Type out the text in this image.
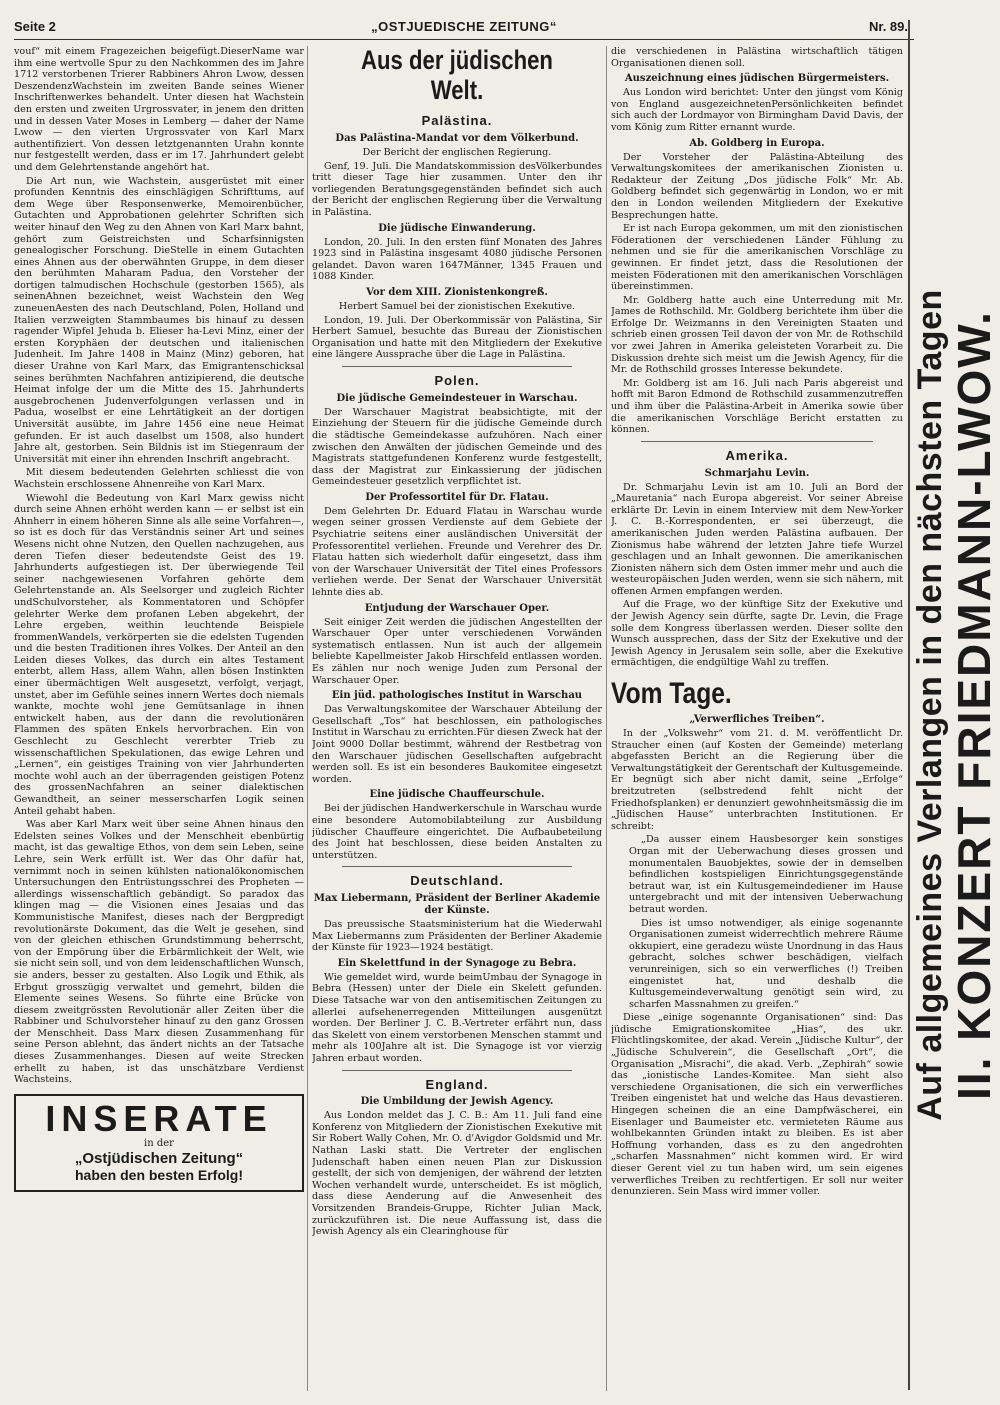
Seite 2	„OSTJUEDISCHE ZEITUNG“	Nr. 89.

vouf“ mit einem Fragezeichen beigefügt.DieserName war ihm eine wertvolle Spur zu den Nachkommen des im Jahre 1712 verstorbenen Trierer Rabbiners Ahron Lwow, dessen DeszendenzWachstein im zweiten Bande seines Wiener Inschriftenwerkes behandelt. Unter diesen hat Wachstein den ersten und zweiten Urgrossvater, in jenem den dritten und in dessen Vater Moses in Lemberg — daher der Name Lwow — den vierten Urgrossvater von Karl Marx authentifiziert. Von dessen letztgenannten Urahn konnte nur festgestellt werden, dass er im 17. Jahrhundert gelebt und dem Gelehrtenstande angehört hat.

Die Art nun, wie Wachstein, ausgerüstet mit einer profunden Kenntnis des einschlägigen Schrifttums, auf dem Wege über Responsenwerke, Memoirenbücher, Gutachten und Approbationen gelehrter Schriften sich weiter hinauf den Weg zu den Ahnen von Karl Marx bahnt, gehört zum Geistreichsten und Scharfsinnigsten genealogischer Forschung. DieStelle in einem Gutachten eines Ahnen aus der oberwähnten Gruppe, in dem dieser den berühmten Maharam Padua, den Vorsteher der dortigen talmudischen Hochschule (gestorben 1565), als seinenAhnen bezeichnet, weist Wachstein den Weg zuneuenAesten des nach Deutschland, Polen, Holland und Italien verzweigten Stammbaumes bis hinauf zu dessen ragender Wipfel Jehuda b. Elieser ha-Levi Minz, einer der ersten Koryphäen der deutschen und italienischen Judenheit. Im Jahre 1408 in Mainz (Minz) geboren, hat dieser Urahne von Karl Marx, das Emigrantenschicksal seines berühmten Nachfahren antizipierend, die deutsche Heimat infolge der um die Mitte des 15. Jahrhunderts ausgebrochenen Judenverfolgungen verlassen und in Padua, woselbst er eine Lehrtätigkeit an der dortigen Universität ausübte, im Jahre 1456 eine neue Heimat gefunden. Er ist auch daselbst um 1508, also hundert Jahre alt, gestorben. Sein Bildnis ist im Stiegenraum der Universität mit einer ihn ehrenden Inschrift angebracht.

Mit diesem bedeutenden Gelehrten schliesst die von Wachstein erschlossene Ahnenreihe von Karl Marx.

Wiewohl die Bedeutung von Karl Marx gewiss nicht durch seine Ahnen erhöht werden kann — er selbst ist ein Ahnherr in einem höheren Sinne als alle seine Vorfahren—, so ist es doch für das Verständnis seiner Art und seines Wesens nicht ohne Nutzen, den Quellen nachzugehen, aus deren Tiefen dieser bedeutendste Geist des 19. Jahrhunderts aufgestiegen ist. Der überwiegende Teil seiner nachgewiesenen Vorfahren gehörte dem Gelehrtenstande an. Als Seelsorger und zugleich Richter undSchulvorsteher, als Kommentatoren und Schöpfer gelehrter Werke dem profanen Leben abgekehrt, der Lehre ergeben, weithin leuchtende Beispiele frommenWandels, verkörperten sie die edelsten Tugenden und die besten Traditionen ihres Volkes. Der Anteil an den Leiden dieses Volkes, das durch ein altes Testament enterbt, allem Hass, allem Wahn, allen bösen Instinkten einer übermächtigen Welt ausgesetzt, verfolgt, verjagt, unstet, aber im Gefühle seines innern Wertes doch niemals wankte, mochte wohl jene Gemütsanlage in ihnen entwickelt haben, aus der dann die revolutionären Flammen des späten Enkels hervorbrachen. Ein von Geschlecht zu Geschlecht vererbter Trieb zu wissenschaftlichen Spekulationen, das ewige Lehren und „Lernen“, ein geistiges Training von vier Jahrhunderten mochte wohl auch an der überragenden geistigen Potenz des grossenNachfahren an seiner dialektischen Gewandtheit, an seiner messerscharfen Logik seinen Anteil gehabt haben.

Was aber Karl Marx weit über seine Ahnen hinaus den Edelsten seines Volkes und der Menschheit ebenbürtig macht, ist das gewaltige Ethos, von dem sein Leben, seine Lehre, sein Werk erfüllt ist. Wer das Ohr dafür hat, vernimmt noch in seinen kühlsten nationalökonomischen Untersuchungen den Entrüstungsschrei des Propheten — allerdings wissenschaftlich gebändigt. So paradox das klingen mag — die Visionen eines Jesaias und das Kommunistische Manifest, dieses nach der Bergpredigt revolutionärste Dokument, das die Welt je gesehen, sind von der gleichen ethischen Grundstimmung beherrscht, von der Empörung über die Erbärmlichkeit der Welt, wie sie nicht sein soll, und von dem leidenschaftlichen Wunsch, sie anders, besser zu gestalten. Also Logik und Ethik, als Erbgut grosszügig verwaltet und gemehrt, bilden die Elemente seines Wesens. So führte eine Brücke von diesem zweitgrössten Revolutionär aller Zeiten über die Rabbiner und Schulvorsteher hinauf zu den ganz Grossen der Menschheit. Dass Marx diesen Zusammenhang für seine Person ablehnt, das ändert nichts an der Tatsache dieses Zusammenhanges. Diesen auf weite Strecken erhellt zu haben, ist das unschätzbare Verdienst Wachsteins.

INSERATE
in der
„Ostjüdischen Zeitung“
haben den besten Erfolg!
Aus der jüdischen Welt.
Palästina.
Das Palästina-Mandat vor dem Völkerbund.
Der Bericht der englischen Regierung.

Genf, 19. Juli. Die Mandatskommission desVölkerbundes tritt dieser Tage hier zusammen. Unter den ihr vorliegenden Beratungsgegenständen befindet sich auch der Bericht der englischen Regierung über die Verwaltung in Palästina.

Die jüdische Einwanderung.

London, 20. Juli. In den ersten fünf Monaten des Jahres 1923 sind in Palästina insgesamt 4080 jüdische Personen gelandet. Davon waren 1647Männer, 1345 Frauen und 1088 Kinder.

Vor dem XIII. Zionistenkongreß.
Herbert Samuel bei der zionistischen Exekutive.

London, 19. Juli. Der Oberkommissär von Palästina, Sir Herbert Samuel, besuchte das Bureau der Zionistischen Organisation und hatte mit den Mitgliedern der Exekutive eine längere Aussprache über die Lage in Palästina.

Polen.
Die jüdische Gemeindesteuer in Warschau.

Der Warschauer Magistrat beabsichtigte, mit der Einziehung der Steuern für die jüdische Gemeinde durch die städtische Gemeindekasse aufzuhören. Nach einer zwischen den Anwälten der jüdischen Gemeinde und des Magistrats stattgefundenen Konferenz wurde festgestellt, dass der Magistrat zur Einkassierung der jüdischen Gemeindesteuer gesetzlich verpflichtet ist.

Der Professortitel für Dr. Flatau.

Dem Gelehrten Dr. Eduard Flatau in Warschau wurde wegen seiner grossen Verdienste auf dem Gebiete der Psychiatrie seitens einer ausländischen Universität der Professorentitel verliehen. Freunde und Verehrer des Dr. Flatau hatten sich wiederholt dafür eingesetzt, dass ihm von der Warschauer Universität der Titel eines Professors verliehen werde. Der Senat der Warschauer Universität lehnte dies ab.

Entjudung der Warschauer Oper.

Seit einiger Zeit werden die jüdischen Angestellten der Warschauer Oper unter verschiedenen Vorwänden systematisch entlassen. Nun ist auch der allgemein beliebte Kapellmeister Jakob Hirschfeld entlassen worden. Es zählen nur noch wenige Juden zum Personal der Warschauer Oper.

Ein jüd. pathologisches Institut in Warschau

Das Verwaltungskomitee der Warschauer Abteilung der Gesellschaft „Tos“ hat beschlossen, ein pathologisches Institut in Warschau zu errichten.Für diesen Zweck hat der Joint 9000 Dollar bestimmt, während der Restbetrag von den Warschauer jüdischen Gesellschaften aufgebracht werden soll. Es ist ein besonderes Baukomitee eingesetzt worden.

Eine jüdische Chauffeurschule.

Bei der jüdischen Handwerkerschule in Warschau wurde eine besondere Automobilabteilung zur Ausbildung jüdischer Chauffeure eingerichtet. Die Aufbaubeteilung des Joint hat beschlossen, diese beiden Anstalten zu unterstützen.

Deutschland.
Max Liebermann, Präsident der Berliner Akademie der Künste.

Das preussische Staatsministerium hat die Wiederwahl Max Liebermanns zum Präsidenten der Berliner Akademie der Künste für 1923—1924 bestätigt.

Ein Skelettfund in der Synagoge zu Bebra.

Wie gemeldet wird, wurde beimUmbau der Synagoge in Bebra (Hessen) unter der Diele ein Skelett gefunden. Diese Tatsache war von den antisemitischen Zeitungen zu allerlei aufsehenerregenden Mitteilungen ausgenützt worden. Der Berliner J. C. B.-Vertreter erfährt nun, dass das Skelett von einem verstorbenen Menschen stammt und mehr als 100Jahre alt ist. Die Synagoge ist vor vierzig Jahren erbaut worden.

England.
Die Umbildung der Jewish Agency.

Aus London meldet das J. C. B.: Am 11. Juli fand eine Konferenz von Mitgliedern der Zionistischen Exekutive mit Sir Robert Wally Cohen, Mr. O. d'Avigdor Goldsmid und Mr. Nathan Laski statt. Die Vertreter der englischen Judenschaft haben einen neuen Plan zur Diskussion gestellt, der sich von demjenigen, der während der letzten Wochen verhandelt wurde, unterscheidet. Es ist möglich, dass diese Aenderung auf die Anwesenheit des Vorsitzenden Brandeis-Gruppe, Richter Julian Mack, zurückzuführen ist. Die neue Auffassung ist, dass die Jewish Agency als ein Clearinghouse für

die verschiedenen in Palästina wirtschaftlich tätigen Organisationen dienen soll.

Auszeichnung eines jüdischen Bürgermeisters.

Aus London wird berichtet: Unter den jüngst vom König von England ausgezeichnetenPersönlichkeiten befindet sich auch der Lordmayor von Birmingham David Davis, der vom König zum Ritter ernannt wurde.

Ab. Goldberg in Europa.

Der Vorsteher der Palästina-Abteilung des Verwaltungskomitees der amerikanischen Zionisten u. Redakteur der Zeitung „Dos jüdische Folk“ Mr. Ab. Goldberg befindet sich gegenwärtig in London, wo er mit den in London weilenden Mitgliedern der Exekutive Besprechungen hatte.

Er ist nach Europa gekommen, um mit den zionistischen Föderationen der verschiedenen Länder Fühlung zu nehmen und sie für die amerikanischen Vorschläge zu gewinnen. Er findet jetzt, dass die Resolutionen der meisten Föderationen mit den amerikanischen Vorschlägen übereinstimmen.

Mr. Goldberg hatte auch eine Unterredung mit Mr. James de Rothschild. Mr. Goldberg berichtete ihm über die Erfolge Dr. Weizmanns in den Vereinigten Staaten und schrieb einen grossen Teil davon der von Mr. de Rothschild vor zwei Jahren in Amerika geleisteten Vorarbeit zu. Die Diskussion drehte sich meist um die Jewish Agency, für die Mr. de Rothschild grosses Interesse bekundete.

Mr. Goldberg ist am 16. Juli nach Paris abgereist und hofft mit Baron Edmond de Rothschild zusammenzutreffen und ihm über die Palästina-Arbeit in Amerika sowie über die amerikanischen Vorschläge Bericht erstatten zu können.

Amerika.
Schmarjahu Levin.

Dr. Schmarjahu Levin ist am 10. Juli an Bord der „Mauretania“ nach Europa abgereist. Vor seiner Abreise erklärte Dr. Levin in einem Interview mit dem New-Yorker J. C. B.-Korrespondenten, er sei überzeugt, die amerikanischen Juden werden Palästina aufbauen. Der Zionismus habe während der letzten Jahre tiefe Wurzel geschlagen und an Inhalt gewonnen. Die amerikanischen Zionisten nähern sich dem Osten immer mehr und auch die westeuropäischen Juden werden, wenn sie sich nähern, mit offenen Armen empfangen werden.

Auf die Frage, wo der künftige Sitz der Exekutive und der Jewish Agency sein dürfte, sagte Dr. Levin, die Frage solle dem Kongress überlassen werden. Dieser sollte den Wunsch aussprechen, dass der Sitz der Exekutive und der Jewish Agency in Jerusalem sein solle, aber die Exekutive ermächtigen, die endgültige Wahl zu treffen.

Vom Tage.
„Verwerfliches Treiben“.

In der „Volkswehr“ vom 21. d. M. veröffentlicht Dr. Straucher einen (auf Kosten der Gemeinde) meterlang abgefassten Bericht an die Regierung über die Verwaltungstätigkeit der Gerentschaft der Kultusgemeinde. Er begnügt sich aber nicht damit, seine „Erfolge“ breitzutreten (selbstredend fehlt nicht der Friedhofsplanken) er denunziert gewohnheitsmässig die im „Jüdischen Hause“ unterbrachten Institutionen. Er schreibt:

„Da ausser einem Hausbesorger kein sonstiges Organ mit der Ueberwachung dieses grossen und monumentalen Bauobjektes, sowie der in demselben befindlichen kostspieligen Einrichtungsgegenstände betraut war, ist ein Kultusgemeindediener im Hause untergebracht und mit der intensiven Ueberwachung betraut worden.

Dies ist umso notwendiger, als einige sogenannte Organisationen zumeist widerrechtlich mehrere Räume okkupiert, eine geradezu wüste Unordnung in das Haus gebracht, solches schwer beschädigen, vielfach verunreinigen, sich so ein verwerfliches (!) Treiben eingenistet hat, und deshalb die Kultusgemeindeverwaltung genötigt sein wird, zu scharfen Massnahmen zu greifen.“

Diese „einige sogenannte Organisationen“ sind: Das jüdische Emigrationskomitee „Hias“, des ukr. Flüchtlingskomitee, der akad. Verein „Jüdische Kultur“, der „Jüdische Schulverein“, die Gesellschaft „Ort“, die Organisation „Misrachi“, die akad. Verb. „Zephirah“ sowie das „ionistische Landes-Komitee. Man sieht also verschiedene Organisationen, die sich ein verwerfliches Treiben eingenistet hat und welche das Haus devastieren. Hingegen scheinen die an eine Dampfwäscherei, ein Eisenlager und Baumeister etc. vermieteten Räume aus wohlbekannten Gründen intakt zu bleiben. Es ist aber Hoffnung vorhanden, dass es zu den angedrohten „scharfen Massnahmen“ nicht kommen wird. Er wird dieser Gerent viel zu tun haben wird, um sein eigenes verwerfliches Treiben zu rechtfertigen. Er soll nur weiter denunzieren. Sein Mass wird immer voller.

Auf allgemeines Verlangen in den nächsten Tagen II. KONZERT FRIEDMANN-LWOW.
